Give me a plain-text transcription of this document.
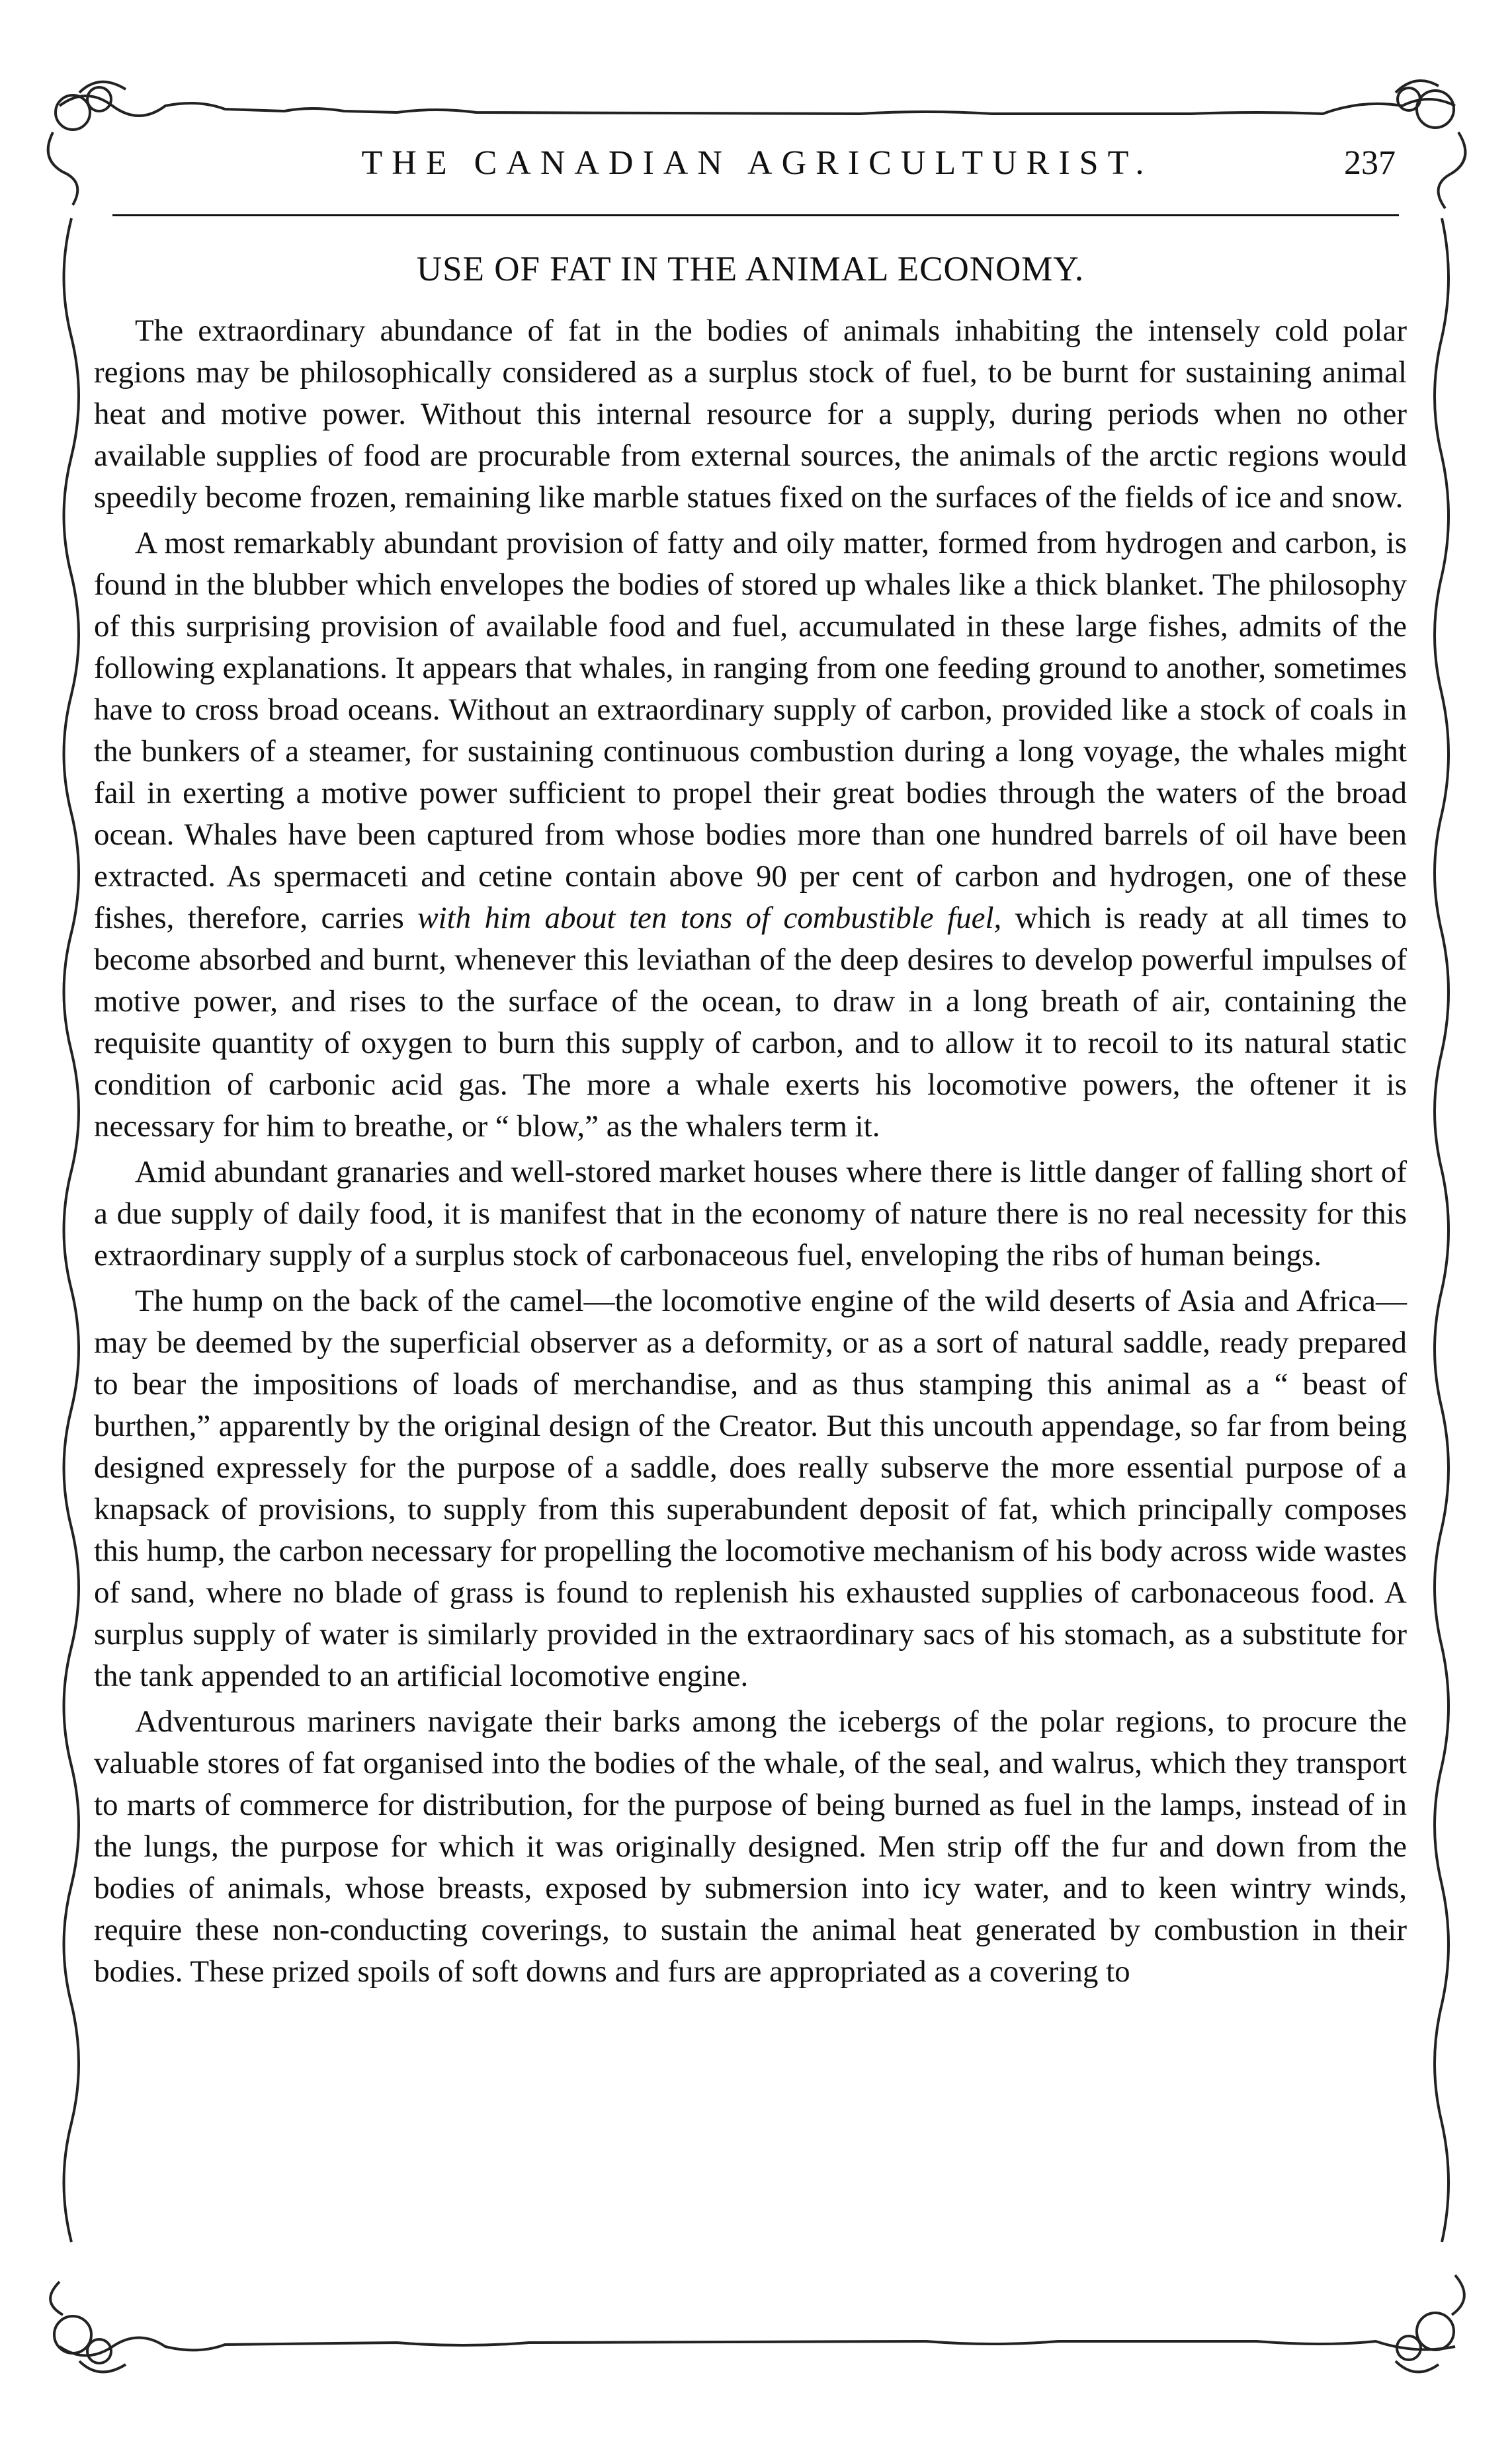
THE CANADIAN AGRICULTURIST.	237
USE OF FAT IN THE ANIMAL ECONOMY.

The extraordinary abundance of fat in the bodies of animals inhabiting the intensely cold polar regions may be philosophically considered as a surplus stock of fuel, to be burnt for sustaining animal heat and motive power. Without this internal resource for a supply, during periods when no other available supplies of food are procurable from external sources, the animals of the arctic regions would speedily become frozen, remaining like marble statues fixed on the surfaces of the fields of ice and snow.

A most remarkably abundant provision of fatty and oily matter, formed from hydrogen and carbon, is found in the blubber which envelopes the bodies of stored up whales like a thick blanket. The philosophy of this surprising provision of available food and fuel, accumulated in these large fishes, admits of the following explanations. It appears that whales, in ranging from one feeding ground to another, sometimes have to cross broad oceans. Without an extraordinary supply of carbon, provided like a stock of coals in the bunkers of a steamer, for sustaining continuous combustion during a long voyage, the whales might fail in exerting a motive power sufficient to propel their great bodies through the waters of the broad ocean. Whales have been captured from whose bodies more than one hundred barrels of oil have been extracted. As spermaceti and cetine contain above 90 per cent of carbon and hydrogen, one of these fishes, therefore, carries with him about ten tons of combustible fuel, which is ready at all times to become absorbed and burnt, whenever this leviathan of the deep desires to develop powerful impulses of motive power, and rises to the surface of the ocean, to draw in a long breath of air, containing the requisite quantity of oxygen to burn this supply of carbon, and to allow it to recoil to its natural static condition of carbonic acid gas. The more a whale exerts his locomotive powers, the oftener it is necessary for him to breathe, or “ blow,” as the whalers term it.

Amid abundant granaries and well-stored market houses where there is little danger of falling short of a due supply of daily food, it is manifest that in the economy of nature there is no real necessity for this extraordinary supply of a surplus stock of carbonaceous fuel, enveloping the ribs of human beings.

The hump on the back of the camel—the locomotive engine of the wild deserts of Asia and Africa—may be deemed by the superficial observer as a deformity, or as a sort of natural saddle, ready prepared to bear the impositions of loads of merchandise, and as thus stamping this animal as a “ beast of burthen,” apparently by the original design of the Creator. But this uncouth appendage, so far from being designed expressely for the purpose of a saddle, does really subserve the more essential purpose of a knapsack of provisions, to supply from this superabundent deposit of fat, which principally composes this hump, the carbon necessary for propelling the locomotive mechanism of his body across wide wastes of sand, where no blade of grass is found to replenish his exhausted supplies of carbonaceous food. A surplus supply of water is similarly provided in the extraordinary sacs of his stomach, as a substitute for the tank appended to an artificial locomotive engine.

Adventurous mariners navigate their barks among the icebergs of the polar regions, to procure the valuable stores of fat organised into the bodies of the whale, of the seal, and walrus, which they transport to marts of commerce for distribution, for the purpose of being burned as fuel in the lamps, instead of in the lungs, the purpose for which it was originally designed. Men strip off the fur and down from the bodies of animals, whose breasts, exposed by submersion into icy water, and to keen wintry winds, require these non-conducting coverings, to sustain the animal heat generated by combustion in their bodies. These prized spoils of soft downs and furs are appropriated as a covering to
